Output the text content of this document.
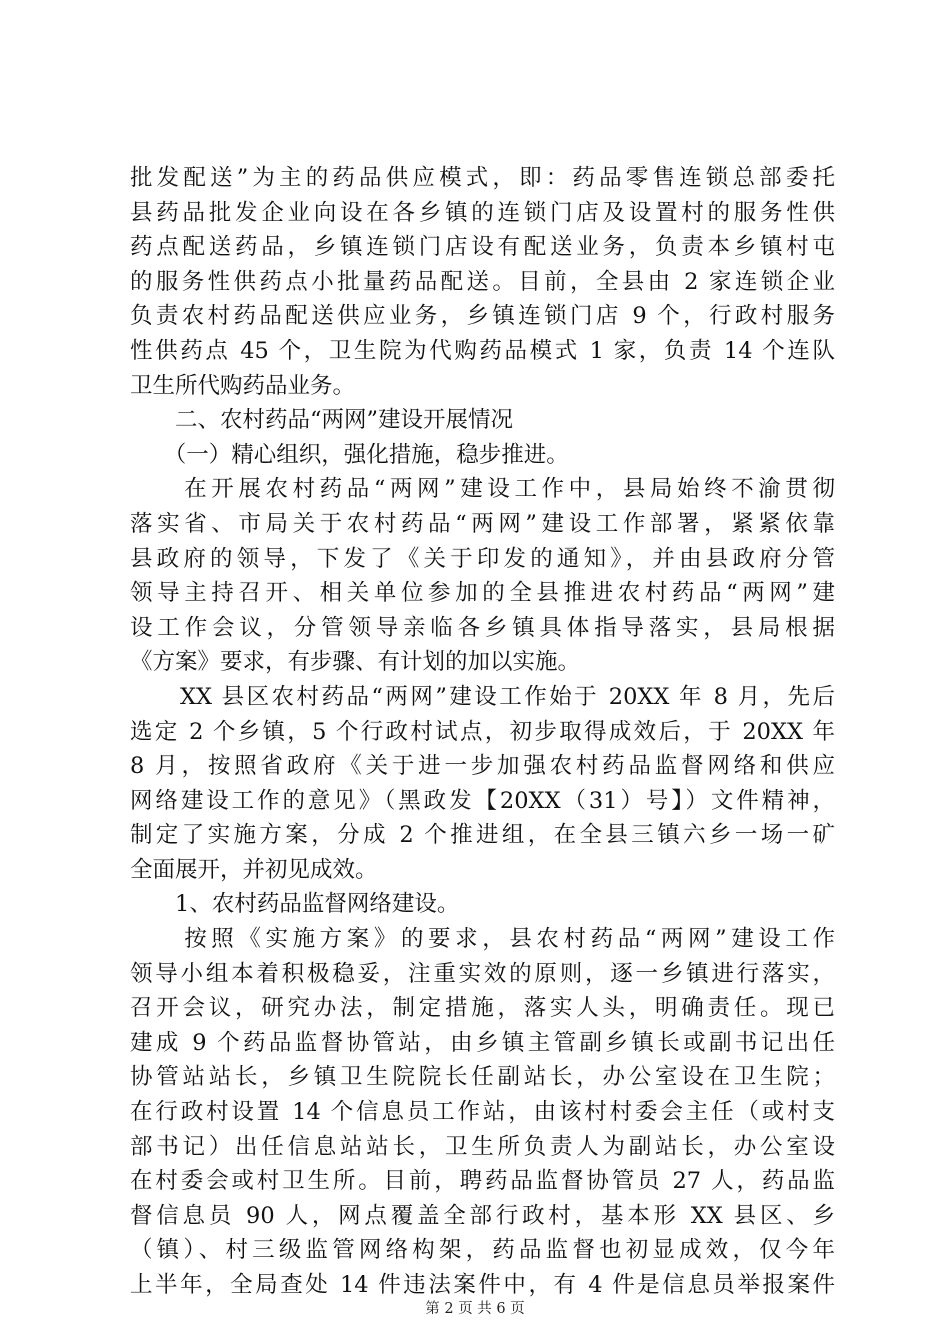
批发配送”为主的药品供应模式，即：药品零售连锁总部委托
县药品批发企业向设在各乡镇的连锁门店及设置村的服务性供
药点配送药品，乡镇连锁门店设有配送业务，负责本乡镇村屯
的服务性供药点小批量药品配送。目前，全县由 2 家连锁企业
负责农村药品配送供应业务，乡镇连锁门店 9 个，行政村服务
性供药点 45 个，卫生院为代购药品模式 1 家，负责 14 个连队
卫生所代购药品业务。
　　二、农村药品“两网”建设开展情况
　　（一）精心组织，强化措施，稳步推进。
　　在开展农村药品“两网”建设工作中，县局始终不渝贯彻
落实省、市局关于农村药品“两网”建设工作部署，紧紧依靠
县政府的领导，下发了《关于印发的通知》，并由县政府分管
领导主持召开、相关单位参加的全县推进农村药品“两网”建
设工作会议，分管领导亲临各乡镇具体指导落实，县局根据
《方案》要求，有步骤、有计划的加以实施。
　　XX 县区农村药品“两网”建设工作始于 20XX 年 8 月，先后
选定 2 个乡镇，5 个行政村试点，初步取得成效后，于 20XX 年
8 月，按照省政府《关于进一步加强农村药品监督网络和供应
网络建设工作的意见》（黑政发【20XX（31）号】）文件精神，
制定了实施方案，分成 2 个推进组，在全县三镇六乡一场一矿
全面展开，并初见成效。
　　1、农村药品监督网络建设。
　　按照《实施方案》的要求，县农村药品“两网”建设工作
领导小组本着积极稳妥，注重实效的原则，逐一乡镇进行落实，
召开会议，研究办法，制定措施，落实人头，明确责任。现已
建成 9 个药品监督协管站，由乡镇主管副乡镇长或副书记出任
协管站站长，乡镇卫生院院长任副站长，办公室设在卫生院；
在行政村设置 14 个信息员工作站，由该村村委会主任（或村支
部书记）出任信息站站长，卫生所负责人为副站长，办公室设
在村委会或村卫生所。目前，聘药品监督协管员 27 人，药品监
督信息员 90 人，网点覆盖全部行政村，基本形 XX 县区、乡
（镇）、村三级监管网络构架，药品监督也初显成效，仅今年
上半年，全局查处 14 件违法案件中，有 4 件是信息员举报案件
第 2 页 共 6 页
